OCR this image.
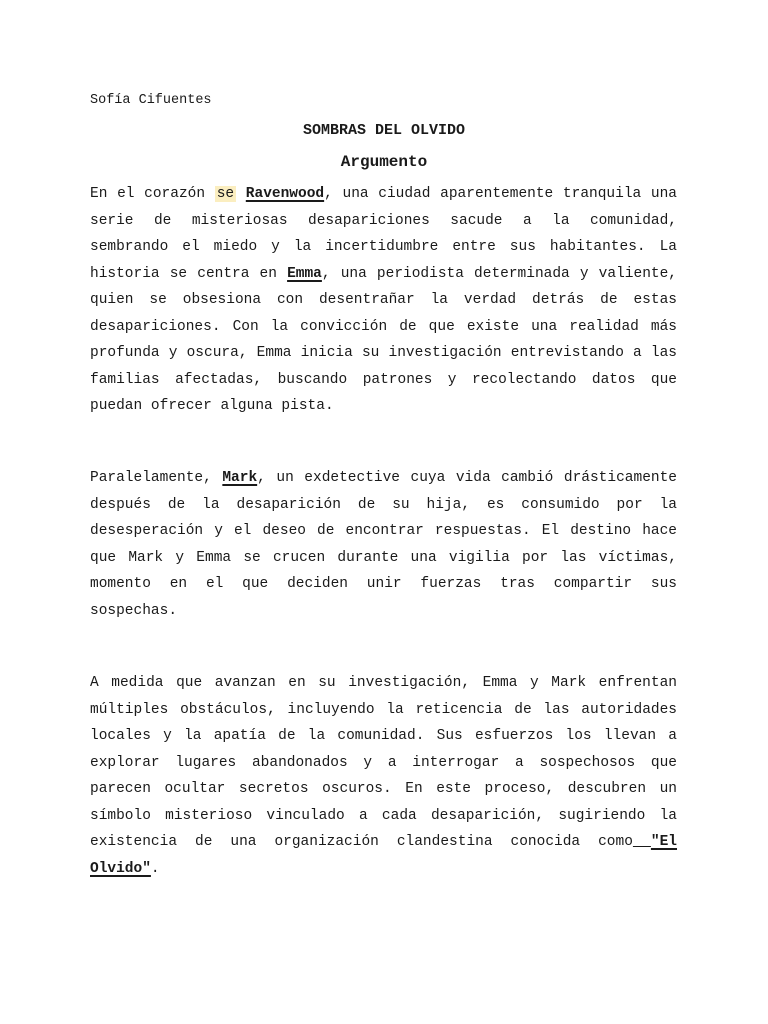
Sofía Cifuentes
SOMBRAS DEL OLVIDO
Argumento

En el corazón se Ravenwood, una ciudad aparentemente tranquila una serie de misteriosas desapariciones sacude a la comunidad, sembrando el miedo y la incertidumbre entre sus habitantes. La historia se centra en Emma, una periodista determinada y valiente, quien se obsesiona con desentrañar la verdad detrás de estas desapariciones. Con la convicción de que existe una realidad más profunda y oscura, Emma inicia su investigación entrevistando a las familias afectadas, buscando patrones y recolectando datos que puedan ofrecer alguna pista.

Paralelamente, Mark, un exdetective cuya vida cambió drásticamente después de la desaparición de su hija, es consumido por la desesperación y el deseo de encontrar respuestas. El destino hace que Mark y Emma se crucen durante una vigilia por las víctimas, momento en el que deciden unir fuerzas tras compartir sus sospechas.

A medida que avanzan en su investigación, Emma y Mark enfrentan múltiples obstáculos, incluyendo la reticencia de las autoridades locales y la apatía de la comunidad. Sus esfuerzos los llevan a explorar lugares abandonados y a interrogar a sospechosos que parecen ocultar secretos oscuros. En este proceso, descubren un símbolo misterioso vinculado a cada desaparición, sugiriendo la existencia de una organización clandestina conocida como "El Olvido".
